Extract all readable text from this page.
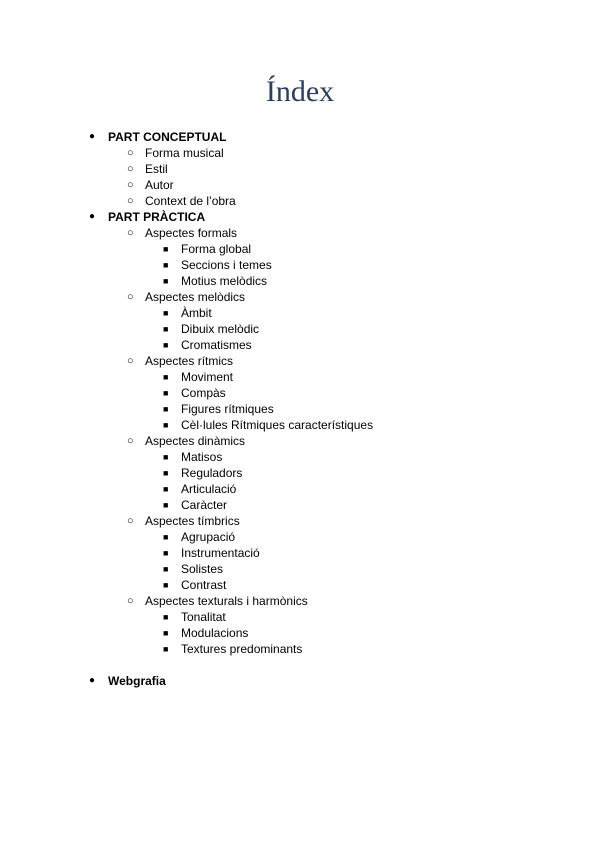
Índex
● PART CONCEPTUAL
○ Forma musical
○ Estil
○ Autor
○ Context de l’obra
● PART PRÀCTICA
○ Aspectes formals
■ Forma global
■ Seccions i temes
■ Motius melòdics
○ Aspectes melòdics
■ Àmbit
■ Dibuix melòdic
■ Cromatismes
○ Aspectes rítmics
■ Moviment
■ Compàs
■ Figures rítmiques
■ Cèl·lules Rítmiques característiques
○ Aspectes dinàmics
■ Matisos
■ Reguladors
■ Articulació
■ Caràcter
○ Aspectes tímbrics
■ Agrupació
■ Instrumentació
■ Solistes
■ Contrast
○ Aspectes texturals i harmònics
■ Tonalitat
■ Modulacions
■ Textures predominants
● Webgrafia
